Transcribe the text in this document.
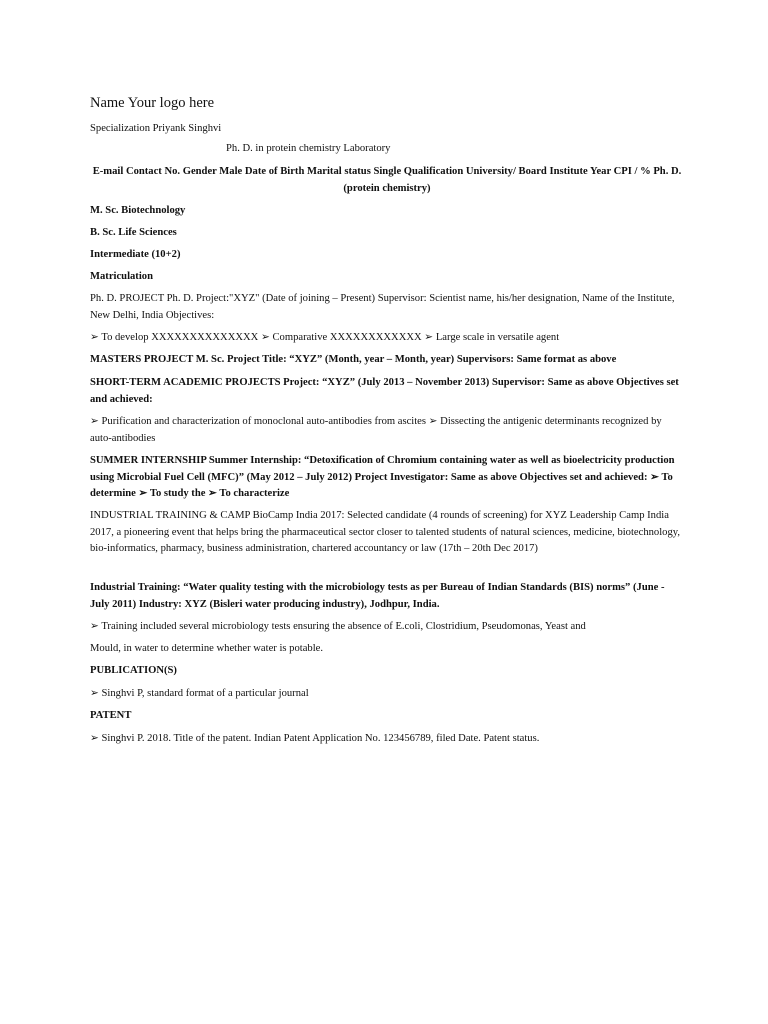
Name Your logo here

Specialization Priyank Singhvi

Ph. D. in protein chemistry Laboratory

E-mail Contact No. Gender Male Date of Birth Marital status Single Qualification University/ Board Institute Year CPI / % Ph. D. (protein chemistry)

M. Sc. Biotechnology

B. Sc. Life Sciences

Intermediate (10+2)

Matriculation

Ph. D. PROJECT Ph. D. Project:"XYZ" (Date of joining – Present) Supervisor: Scientist name, his/her designation, Name of the Institute, New Delhi, India Objectives:

➢ To develop XXXXXXXXXXXXXX ➢ Comparative XXXXXXXXXXXX ➢ Large scale in versatile agent

MASTERS PROJECT M. Sc. Project Title: “XYZ” (Month, year – Month, year) Supervisors: Same format as above

SHORT-TERM ACADEMIC PROJECTS Project: “XYZ” (July 2013 – November 2013) Supervisor: Same as above Objectives set and achieved:

➢ Purification and characterization of monoclonal auto-antibodies from ascites ➢ Dissecting the antigenic determinants recognized by auto-antibodies

SUMMER INTERNSHIP Summer Internship: “Detoxification of Chromium containing water as well as bioelectricity production using Microbial Fuel Cell (MFC)” (May 2012 – July 2012) Project Investigator: Same as above Objectives set and achieved: ➢ To determine ➢ To study the ➢ To characterize

INDUSTRIAL TRAINING & CAMP BioCamp India 2017: Selected candidate (4 rounds of screening) for XYZ Leadership Camp India 2017, a pioneering event that helps bring the pharmaceutical sector closer to talented students of natural sciences, medicine, biotechnology, bio-informatics, pharmacy, business administration, chartered accountancy or law (17th – 20th Dec 2017)

Industrial Training: “Water quality testing with the microbiology tests as per Bureau of Indian Standards (BIS) norms” (June - July 2011) Industry: XYZ (Bisleri water producing industry), Jodhpur, India.

➢ Training included several microbiology tests ensuring the absence of E.coli, Clostridium, Pseudomonas, Yeast and

Mould, in water to determine whether water is potable.

PUBLICATION(S)

➢ Singhvi P, standard format of a particular journal

PATENT

➢ Singhvi P. 2018. Title of the patent. Indian Patent Application No. 123456789, filed Date. Patent status.
